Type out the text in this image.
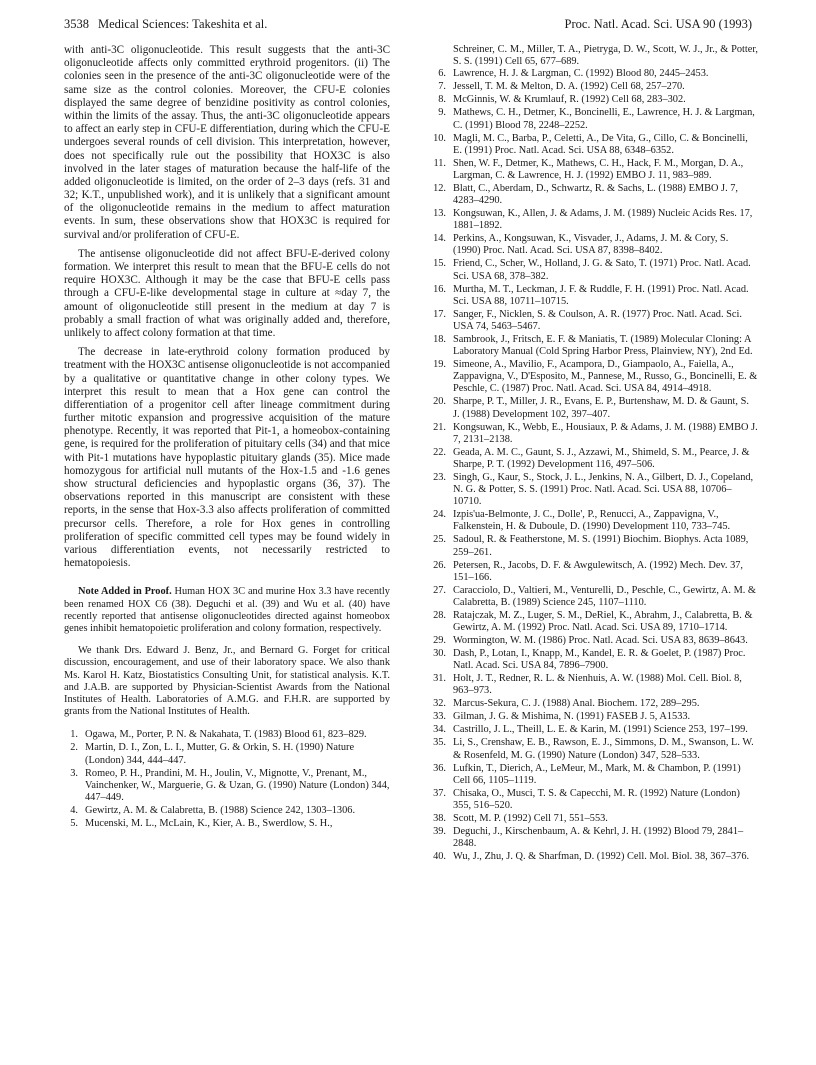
3538 Medical Sciences: Takeshita et al.	Proc. Natl. Acad. Sci. USA 90 (1993)

with anti-3C oligonucleotide. This result suggests that the anti-3C oligonucleotide affects only committed erythroid progenitors. (ii) The colonies seen in the presence of the anti-3C oligonucleotide were of the same size as the control colonies. Moreover, the CFU-E colonies displayed the same degree of benzidine positivity as control colonies, within the limits of the assay. Thus, the anti-3C oligonucleotide appears to affect an early step in CFU-E differentiation, during which the CFU-E undergoes several rounds of cell division. This interpretation, however, does not specifically rule out the possibility that HOX3C is also involved in the later stages of maturation because the half-life of the added oligonucleotide is limited, on the order of 2–3 days (refs. 31 and 32; K.T., unpublished work), and it is unlikely that a significant amount of the oligonucleotide remains in the medium to affect maturation events. In sum, these observations show that HOX3C is required for survival and/or proliferation of CFU-E.

The antisense oligonucleotide did not affect BFU-E-derived colony formation. We interpret this result to mean that the BFU-E cells do not require HOX3C. Although it may be the case that BFU-E cells pass through a CFU-E-like developmental stage in culture at ≈day 7, the amount of oligonucleotide still present in the medium at day 7 is probably a small fraction of what was originally added and, therefore, unlikely to affect colony formation at that time.

The decrease in late-erythroid colony formation produced by treatment with the HOX3C antisense oligonucleotide is not accompanied by a qualitative or quantitative change in other colony types. We interpret this result to mean that a Hox gene can control the differentiation of a progenitor cell after lineage commitment during further mitotic expansion and progressive acquisition of the mature phenotype. Recently, it was reported that Pit-1, a homeobox-containing gene, is required for the proliferation of pituitary cells (34) and that mice with Pit-1 mutations have hypoplastic pituitary glands (35). Mice made homozygous for artificial null mutants of the Hox-1.5 and -1.6 genes show structural deficiencies and hypoplastic organs (36, 37). The observations reported in this manuscript are consistent with these reports, in the sense that Hox-3.3 also affects proliferation of committed precursor cells. Therefore, a role for Hox genes in controlling proliferation of specific committed cell types may be found widely in various differentiation events, not necessarily restricted to hematopoiesis.

Note Added in Proof. Human HOX 3C and murine Hox 3.3 have recently been renamed HOX C6 (38). Deguchi et al. (39) and Wu et al. (40) have recently reported that antisense oligonucleotides directed against homeobox genes inhibit hematopoietic proliferation and colony formation, respectively.

We thank Drs. Edward J. Benz, Jr., and Bernard G. Forget for critical discussion, encouragement, and use of their laboratory space. We also thank Ms. Karol H. Katz, Biostatistics Consulting Unit, for statistical analysis. K.T. and J.A.B. are supported by Physician-Scientist Awards from the National Institutes of Health. Laboratories of A.M.G. and F.H.R. are supported by grants from the National Institutes of Health.

1. Ogawa, M., Porter, P. N. & Nakahata, T. (1983) Blood 61, 823–829.
2. Martin, D. I., Zon, L. I., Mutter, G. & Orkin, S. H. (1990) Nature (London) 344, 444–447.
3. Romeo, P. H., Prandini, M. H., Joulin, V., Mignotte, V., Prenant, M., Vainchenker, W., Marguerie, G. & Uzan, G. (1990) Nature (London) 344, 447–449.
4. Gewirtz, A. M. & Calabretta, B. (1988) Science 242, 1303–1306.
5. Mucenski, M. L., McLain, K., Kier, A. B., Swerdlow, S. H.,

Schreiner, C. M., Miller, T. A., Pietryga, D. W., Scott, W. J., Jr., & Potter, S. S. (1991) Cell 65, 677–689.

6. Lawrence, H. J. & Largman, C. (1992) Blood 80, 2445–2453.
7. Jessell, T. M. & Melton, D. A. (1992) Cell 68, 257–270.
8. McGinnis, W. & Krumlauf, R. (1992) Cell 68, 283–302.
9. Mathews, C. H., Detmer, K., Boncinelli, E., Lawrence, H. J. & Largman, C. (1991) Blood 78, 2248–2252.
10. Magli, M. C., Barba, P., Celetti, A., De Vita, G., Cillo, C. & Boncinelli, E. (1991) Proc. Natl. Acad. Sci. USA 88, 6348–6352.
11. Shen, W. F., Detmer, K., Mathews, C. H., Hack, F. M., Morgan, D. A., Largman, C. & Lawrence, H. J. (1992) EMBO J. 11, 983–989.
12. Blatt, C., Aberdam, D., Schwartz, R. & Sachs, L. (1988) EMBO J. 7, 4283–4290.
13. Kongsuwan, K., Allen, J. & Adams, J. M. (1989) Nucleic Acids Res. 17, 1881–1892.
14. Perkins, A., Kongsuwan, K., Visvader, J., Adams, J. M. & Cory, S. (1990) Proc. Natl. Acad. Sci. USA 87, 8398–8402.
15. Friend, C., Scher, W., Holland, J. G. & Sato, T. (1971) Proc. Natl. Acad. Sci. USA 68, 378–382.
16. Murtha, M. T., Leckman, J. F. & Ruddle, F. H. (1991) Proc. Natl. Acad. Sci. USA 88, 10711–10715.
17. Sanger, F., Nicklen, S. & Coulson, A. R. (1977) Proc. Natl. Acad. Sci. USA 74, 5463–5467.
18. Sambrook, J., Fritsch, E. F. & Maniatis, T. (1989) Molecular Cloning: A Laboratory Manual (Cold Spring Harbor Press, Plainview, NY), 2nd Ed.
19. Simeone, A., Mavilio, F., Acampora, D., Giampaolo, A., Faiella, A., Zappavigna, V., D'Esposito, M., Pannese, M., Russo, G., Boncinelli, E. & Peschle, C. (1987) Proc. Natl. Acad. Sci. USA 84, 4914–4918.
20. Sharpe, P. T., Miller, J. R., Evans, E. P., Burtenshaw, M. D. & Gaunt, S. J. (1988) Development 102, 397–407.
21. Kongsuwan, K., Webb, E., Housiaux, P. & Adams, J. M. (1988) EMBO J. 7, 2131–2138.
22. Geada, A. M. C., Gaunt, S. J., Azzawi, M., Shimeld, S. M., Pearce, J. & Sharpe, P. T. (1992) Development 116, 497–506.
23. Singh, G., Kaur, S., Stock, J. L., Jenkins, N. A., Gilbert, D. J., Copeland, N. G. & Potter, S. S. (1991) Proc. Natl. Acad. Sci. USA 88, 10706–10710.
24. Izpis'ua-Belmonte, J. C., Dolle', P., Renucci, A., Zappavigna, V., Falkenstein, H. & Duboule, D. (1990) Development 110, 733–745.
25. Sadoul, R. & Featherstone, M. S. (1991) Biochim. Biophys. Acta 1089, 259–261.
26. Petersen, R., Jacobs, D. F. & Awgulewitsch, A. (1992) Mech. Dev. 37, 151–166.
27. Caracciolo, D., Valtieri, M., Venturelli, D., Peschle, C., Gewirtz, A. M. & Calabretta, B. (1989) Science 245, 1107–1110.
28. Ratajczak, M. Z., Luger, S. M., DeRiel, K., Abrahm, J., Calabretta, B. & Gewirtz, A. M. (1992) Proc. Natl. Acad. Sci. USA 89, 1710–1714.
29. Wormington, W. M. (1986) Proc. Natl. Acad. Sci. USA 83, 8639–8643.
30. Dash, P., Lotan, I., Knapp, M., Kandel, E. R. & Goelet, P. (1987) Proc. Natl. Acad. Sci. USA 84, 7896–7900.
31. Holt, J. T., Redner, R. L. & Nienhuis, A. W. (1988) Mol. Cell. Biol. 8, 963–973.
32. Marcus-Sekura, C. J. (1988) Anal. Biochem. 172, 289–295.
33. Gilman, J. G. & Mishima, N. (1991) FASEB J. 5, A1533.
34. Castrillo, J. L., Theill, L. E. & Karin, M. (1991) Science 253, 197–199.
35. Li, S., Crenshaw, E. B., Rawson, E. J., Simmons, D. M., Swanson, L. W. & Rosenfeld, M. G. (1990) Nature (London) 347, 528–533.
36. Lufkin, T., Dierich, A., LeMeur, M., Mark, M. & Chambon, P. (1991) Cell 66, 1105–1119.
37. Chisaka, O., Musci, T. S. & Capecchi, M. R. (1992) Nature (London) 355, 516–520.
38. Scott, M. P. (1992) Cell 71, 551–553.
39. Deguchi, J., Kirschenbaum, A. & Kehrl, J. H. (1992) Blood 79, 2841–2848.
40. Wu, J., Zhu, J. Q. & Sharfman, D. (1992) Cell. Mol. Biol. 38, 367–376.
